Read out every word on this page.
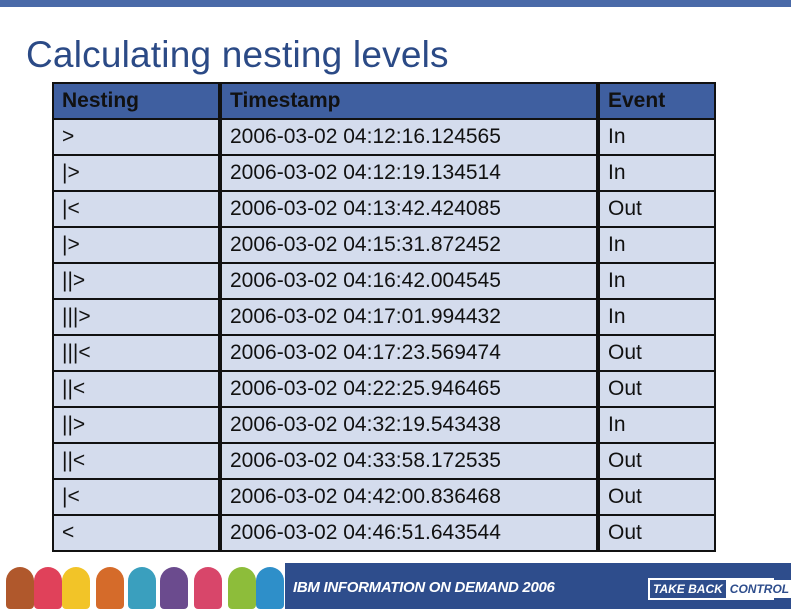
Calculating nesting levels
Nesting	Timestamp	Event
>	2006-03-02 04:12:16.124565	In
|>	2006-03-02 04:12:19.134514	In
|<	2006-03-02 04:13:42.424085	Out
|>	2006-03-02 04:15:31.872452	In
||>	2006-03-02 04:16:42.004545	In
|||>	2006-03-02 04:17:01.994432	In
|||<	2006-03-02 04:17:23.569474	Out
||<	2006-03-02 04:22:25.946465	Out
||>	2006-03-02 04:32:19.543438	In
||<	2006-03-02 04:33:58.172535	Out
|<	2006-03-02 04:42:00.836468	Out
<	2006-03-02 04:46:51.643544	Out
IBM INFORMATION ON DEMAND 2006	TAKE BACK CONTROL
